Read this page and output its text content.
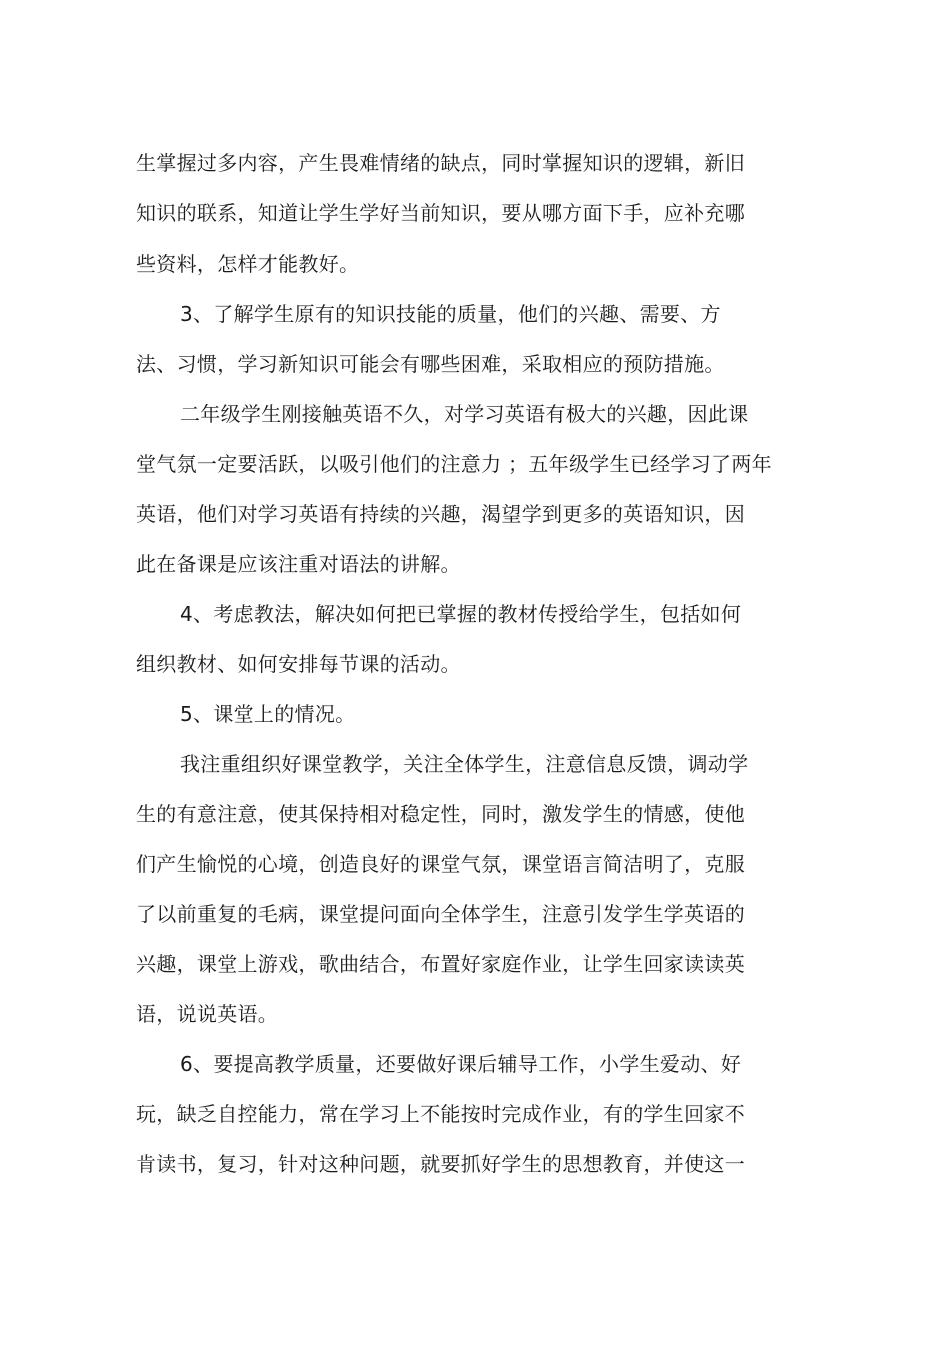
生掌握过多内容，产生畏难情绪的缺点，同时掌握知识的逻辑，新旧
知识的联系，知道让学生学好当前知识，要从哪方面下手，应补充哪
些资料，怎样才能教好。
3、了解学生原有的知识技能的质量，他们的兴趣、需要、方
法、习惯，学习新知识可能会有哪些困难，采取相应的预防措施。
二年级学生刚接触英语不久，对学习英语有极大的兴趣，因此课
堂气氛一定要活跃，以吸引他们的注意力 ；五年级学生已经学习了两年
英语，他们对学习英语有持续的兴趣，渴望学到更多的英语知识，因
此在备课是应该注重对语法的讲解。
4、考虑教法，解决如何把已掌握的教材传授给学生，包括如何
组织教材、如何安排每节课的活动。
5、课堂上的情况。
我注重组织好课堂教学，关注全体学生，注意信息反馈，调动学
生的有意注意，使其保持相对稳定性，同时，激发学生的情感，使他
们产生愉悦的心境，创造良好的课堂气氛，课堂语言简洁明了，克服
了以前重复的毛病，课堂提问面向全体学生，注意引发学生学英语的
兴趣，课堂上游戏，歌曲结合，布置好家庭作业，让学生回家读读英
语，说说英语。
6、要提高教学质量，还要做好课后辅导工作，小学生爱动、好
玩，缺乏自控能力，常在学习上不能按时完成作业，有的学生回家不
肯读书，复习，针对这种问题，就要抓好学生的思想教育，并使这一
